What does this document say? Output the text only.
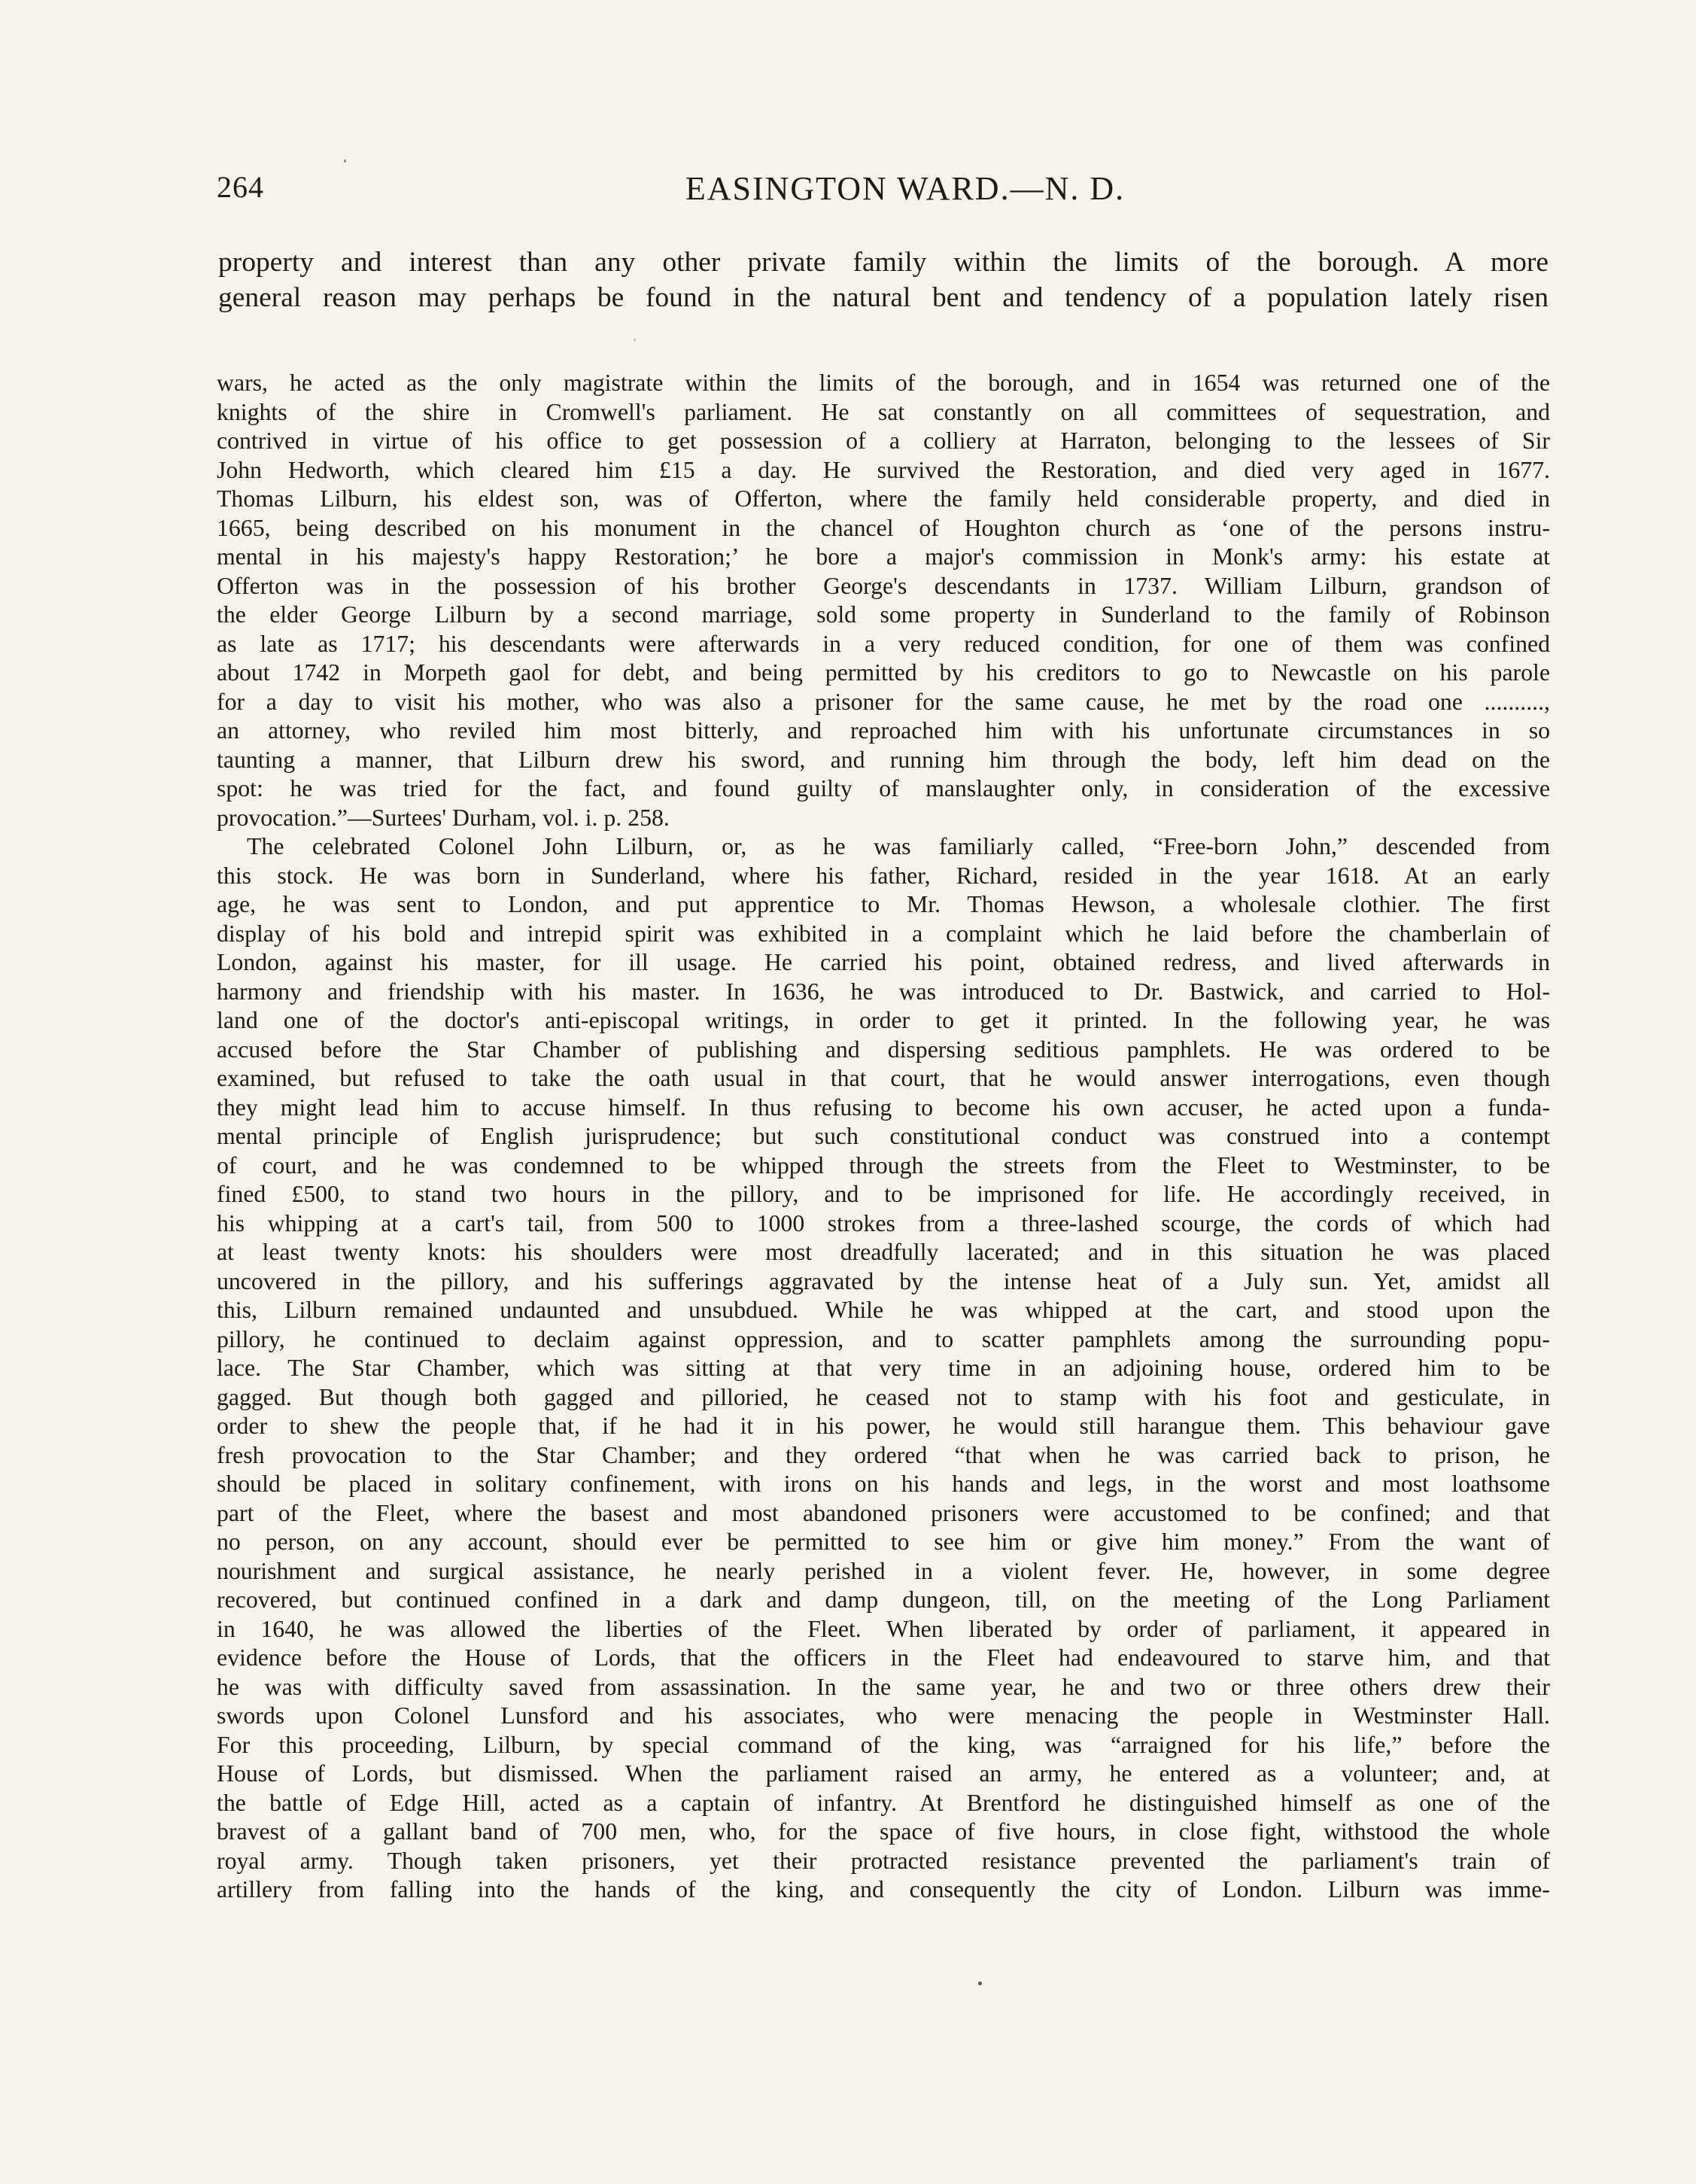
264	EASINGTON WARD.—N. D.
property and interest than any other private family within the limits of the borough. A more
general reason may perhaps be found in the natural bent and tendency of a population lately risen

wars, he acted as the only magistrate within the limits of the borough, and in 1654 was returned one of the
knights of the shire in Cromwell's parliament. He sat constantly on all committees of sequestration, and
contrived in virtue of his office to get possession of a colliery at Harraton, belonging to the lessees of Sir
John Hedworth, which cleared him £15 a day. He survived the Restoration, and died very aged in 1677.
Thomas Lilburn, his eldest son, was of Offerton, where the family held considerable property, and died in
1665, being described on his monument in the chancel of Houghton church as ‘one of the persons instru-
mental in his majesty's happy Restoration;’ he bore a major's commission in Monk's army: his estate at
Offerton was in the possession of his brother George's descendants in 1737. William Lilburn, grandson of
the elder George Lilburn by a second marriage, sold some property in Sunderland to the family of Robinson
as late as 1717; his descendants were afterwards in a very reduced condition, for one of them was confined
about 1742 in Morpeth gaol for debt, and being permitted by his creditors to go to Newcastle on his parole
for a day to visit his mother, who was also a prisoner for the same cause, he met by the road one ..........,
an attorney, who reviled him most bitterly, and reproached him with his unfortunate circumstances in so
taunting a manner, that Lilburn drew his sword, and running him through the body, left him dead on the
spot: he was tried for the fact, and found guilty of manslaughter only, in consideration of the excessive
provocation.”—Surtees' Durham, vol. i. p. 258.

The celebrated Colonel John Lilburn, or, as he was familiarly called, “Free-born John,” descended from
this stock. He was born in Sunderland, where his father, Richard, resided in the year 1618. At an early
age, he was sent to London, and put apprentice to Mr. Thomas Hewson, a wholesale clothier. The first
display of his bold and intrepid spirit was exhibited in a complaint which he laid before the chamberlain of
London, against his master, for ill usage. He carried his point, obtained redress, and lived afterwards in
harmony and friendship with his master. In 1636, he was introduced to Dr. Bastwick, and carried to Hol-
land one of the doctor's anti-episcopal writings, in order to get it printed. In the following year, he was
accused before the Star Chamber of publishing and dispersing seditious pamphlets. He was ordered to be
examined, but refused to take the oath usual in that court, that he would answer interrogations, even though
they might lead him to accuse himself. In thus refusing to become his own accuser, he acted upon a funda-
mental principle of English jurisprudence; but such constitutional conduct was construed into a contempt
of court, and he was condemned to be whipped through the streets from the Fleet to Westminster, to be
fined £500, to stand two hours in the pillory, and to be imprisoned for life. He accordingly received, in
his whipping at a cart's tail, from 500 to 1000 strokes from a three-lashed scourge, the cords of which had
at least twenty knots: his shoulders were most dreadfully lacerated; and in this situation he was placed
uncovered in the pillory, and his sufferings aggravated by the intense heat of a July sun. Yet, amidst all
this, Lilburn remained undaunted and unsubdued. While he was whipped at the cart, and stood upon the
pillory, he continued to declaim against oppression, and to scatter pamphlets among the surrounding popu-
lace. The Star Chamber, which was sitting at that very time in an adjoining house, ordered him to be
gagged. But though both gagged and pilloried, he ceased not to stamp with his foot and gesticulate, in
order to shew the people that, if he had it in his power, he would still harangue them. This behaviour gave
fresh provocation to the Star Chamber; and they ordered “that when he was carried back to prison, he
should be placed in solitary confinement, with irons on his hands and legs, in the worst and most loathsome
part of the Fleet, where the basest and most abandoned prisoners were accustomed to be confined; and that
no person, on any account, should ever be permitted to see him or give him money.” From the want of
nourishment and surgical assistance, he nearly perished in a violent fever. He, however, in some degree
recovered, but continued confined in a dark and damp dungeon, till, on the meeting of the Long Parliament
in 1640, he was allowed the liberties of the Fleet. When liberated by order of parliament, it appeared in
evidence before the House of Lords, that the officers in the Fleet had endeavoured to starve him, and that
he was with difficulty saved from assassination. In the same year, he and two or three others drew their
swords upon Colonel Lunsford and his associates, who were menacing the people in Westminster Hall.
For this proceeding, Lilburn, by special command of the king, was “arraigned for his life,” before the
House of Lords, but dismissed. When the parliament raised an army, he entered as a volunteer; and, at
the battle of Edge Hill, acted as a captain of infantry. At Brentford he distinguished himself as one of the
bravest of a gallant band of 700 men, who, for the space of five hours, in close fight, withstood the whole
royal army. Though taken prisoners, yet their protracted resistance prevented the parliament's train of
artillery from falling into the hands of the king, and consequently the city of London. Lilburn was imme-
